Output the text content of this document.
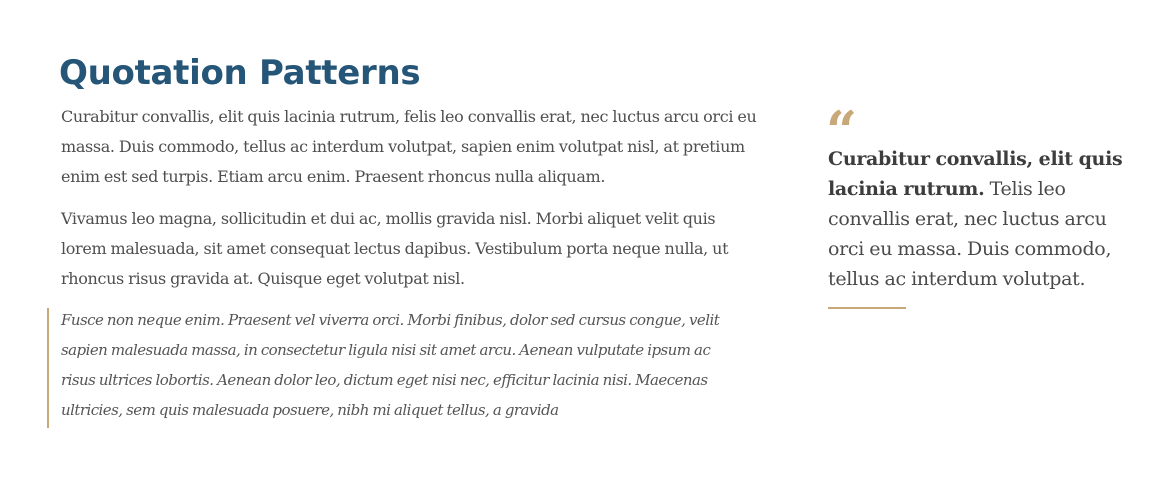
Quotation Patterns

Curabitur convallis, elit quis lacinia rutrum, felis leo convallis erat, nec luctus arcu orci eu massa. Duis commodo, tellus ac interdum volutpat, sapien enim volutpat nisl, at pretium enim est sed turpis. Etiam arcu enim. Praesent rhoncus nulla aliquam.

Vivamus leo magna, sollicitudin et dui ac, mollis gravida nisl. Morbi aliquet velit quis lorem malesuada, sit amet consequat lectus dapibus. Vestibulum porta neque nulla, ut rhoncus risus gravida at. Quisque eget volutpat nisl.

Fusce non neque enim. Praesent vel viverra orci. Morbi finibus, dolor sed cursus congue, velit sapien malesuada massa, in consectetur ligula nisi sit amet arcu. Aenean vulputate ipsum ac risus ultrices lobortis. Aenean dolor leo, dictum eget nisi nec, efficitur lacinia nisi. Maecenas ultricies, sem quis malesuada posuere, nibh mi aliquet tellus, a gravida

“

Curabitur convallis, elit quis lacinia rutrum. Telis leo convallis erat, nec luctus arcu orci eu massa. Duis commodo, tellus ac interdum volutpat.
